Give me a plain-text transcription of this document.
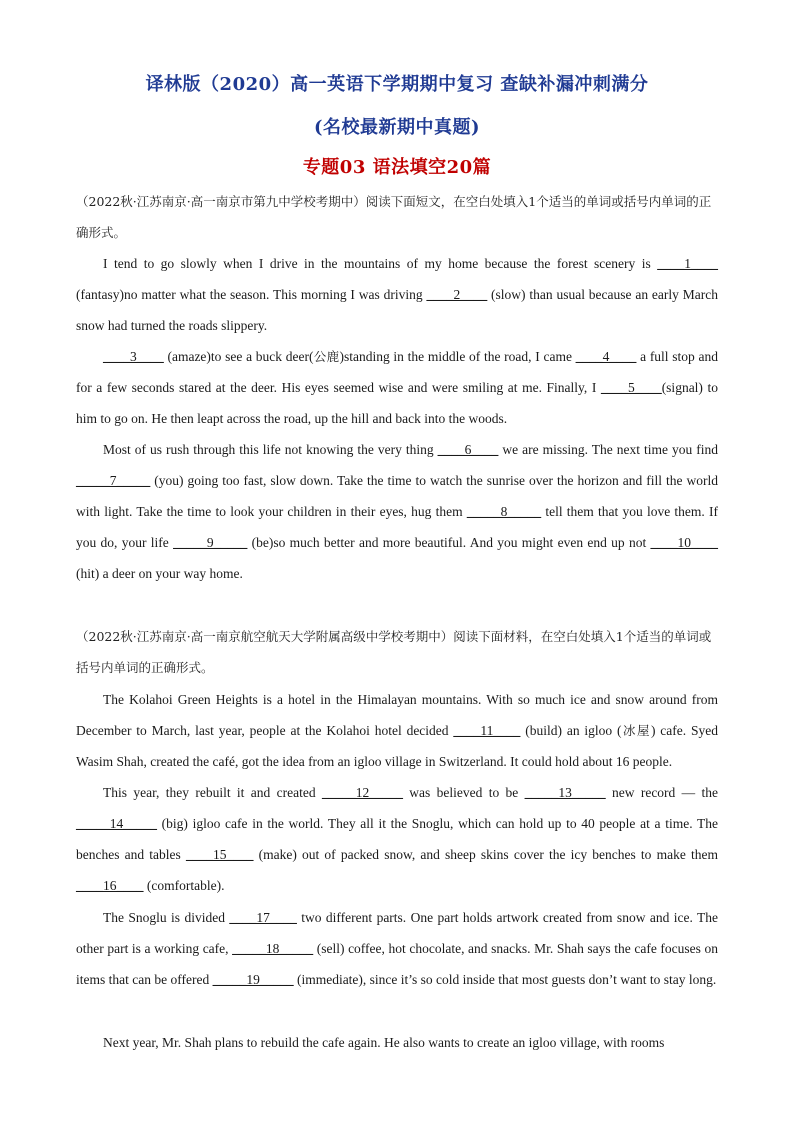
译林版（2020）高一英语下学期期中复习 查缺补漏冲刺满分
(名校最新期中真题)
专题03 语法填空20篇
（2022秋·江苏南京·高一南京市第九中学校考期中）阅读下面短文，在空白处填入1个适当的单词或括号内单词的正确形式。
I tend to go slowly when I drive in the mountains of my home because the forest scenery is ____1____ (fantasy)no matter what the season. This morning I was driving ____2____ (slow) than usual because an early March snow had turned the roads slippery.
____3____ (amaze)to see a buck deer(公鹿)standing in the middle of the road, I came ____4____ a full stop and for a few seconds stared at the deer. His eyes seemed wise and were smiling at me. Finally, I ____5____(signal) to him to go on. He then leapt across the road, up the hill and back into the woods.
Most of us rush through this life not knowing the very thing ____6____ we are missing. The next time you find _____7_____ (you) going too fast, slow down. Take the time to watch the sunrise over the horizon and fill the world with light. Take the time to look your children in their eyes, hug them _____8_____ tell them that you love them. If you do, your life _____9_____ (be)so much better and more beautiful. And you might even end up not ____10____ (hit) a deer on your way home.
（2022秋·江苏南京·高一南京航空航天大学附属高级中学校考期中）阅读下面材料，在空白处填入1个适当的单词或括号内单词的正确形式。
The Kolahoi Green Heights is a hotel in the Himalayan mountains. With so much ice and snow around from December to March, last year, people at the Kolahoi hotel decided ____11____ (build) an igloo (冰屋) cafe. Syed Wasim Shah, created the café, got the idea from an igloo village in Switzerland. It could hold about 16 people.
This year, they rebuilt it and created _____12_____ was believed to be _____13_____ new record — the _____14_____ (big) igloo cafe in the world. They all it the Snoglu, which can hold up to 40 people at a time. The benches and tables ____15____ (make) out of packed snow, and sheep skins cover the icy benches to make them ____16____ (comfortable).
The Snoglu is divided ____17____ two different parts. One part holds artwork created from snow and ice. The other part is a working cafe, _____18_____ (sell) coffee, hot chocolate, and snacks. Mr. Shah says the cafe focuses on items that can be offered _____19_____ (immediate), since it’s so cold inside that most guests don’t want to stay long.
Next year, Mr. Shah plans to rebuild the cafe again. He also wants to create an igloo village, with rooms
